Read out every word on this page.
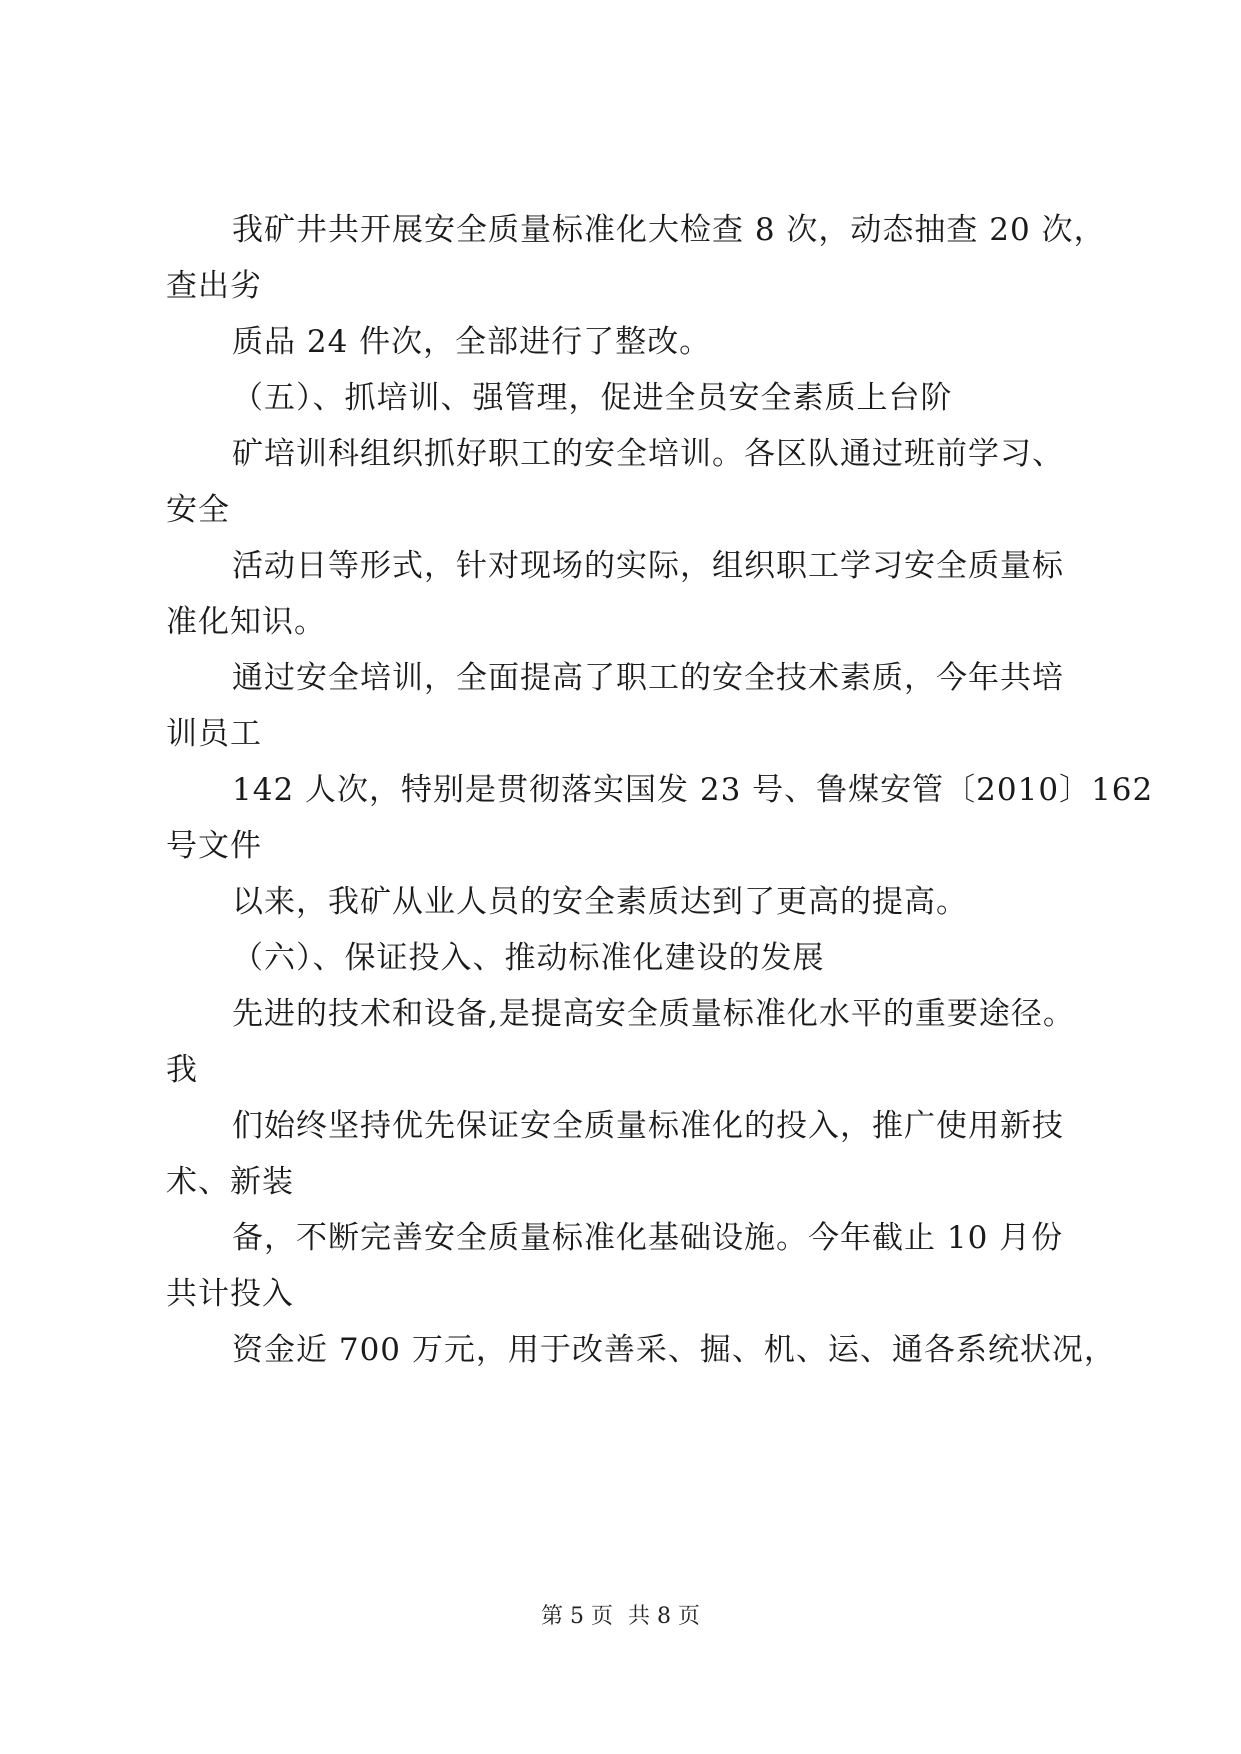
我矿井共开展安全质量标准化大检查 8 次，动态抽查 20 次，
查出劣
质品 24 件次，全部进行了整改。
（五）、抓培训、强管理，促进全员安全素质上台阶
矿培训科组织抓好职工的安全培训。各区队通过班前学习、
安全
活动日等形式，针对现场的实际，组织职工学习安全质量标
准化知识。
通过安全培训，全面提高了职工的安全技术素质，今年共培
训员工
142 人次，特别是贯彻落实国发 23 号、鲁煤安管〔2010〕162
号文件
以来，我矿从业人员的安全素质达到了更高的提高。
（六）、保证投入、推动标准化建设的发展
先进的技术和设备,是提高安全质量标准化水平的重要途径。
我
们始终坚持优先保证安全质量标准化的投入，推广使用新技
术、新装
备，不断完善安全质量标准化基础设施。今年截止 10 月份
共计投入
资金近 700 万元，用于改善采、掘、机、运、通各系统状况，
第 5 页 共 8 页
